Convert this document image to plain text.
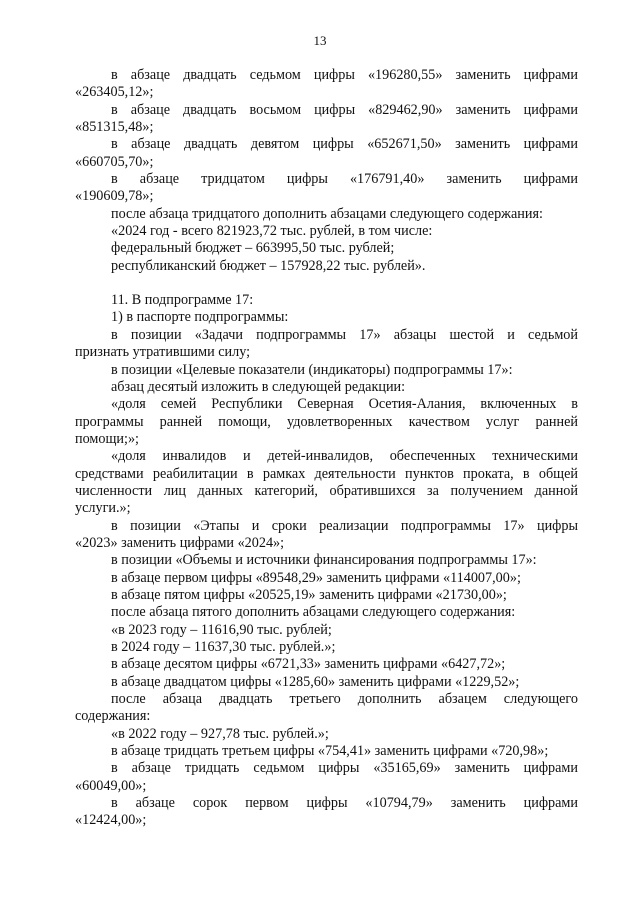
13

в абзаце двадцать седьмом цифры «196280,55» заменить цифрами

«263405,12»;

в абзаце двадцать восьмом цифры «829462,90» заменить цифрами

«851315,48»;

в абзаце двадцать девятом цифры «652671,50» заменить цифрами

«660705,70»;

в абзаце тридцатом цифры «176791,40» заменить цифрами

«190609,78»;

после абзаца тридцатого дополнить абзацами следующего содержания:

«2024 год - всего 821923,72 тыс. рублей, в том числе:

федеральный бюджет – 663995,50 тыс. рублей;

республиканский бюджет – 157928,22 тыс. рублей».

11. В подпрограмме 17:

1) в паспорте подпрограммы:

в позиции «Задачи подпрограммы 17» абзацы шестой и седьмой

признать утратившими силу;

в позиции «Целевые показатели (индикаторы) подпрограммы 17»:

абзац десятый изложить в следующей редакции:

«доля семей Республики Северная Осетия-Алания, включенных в

программы ранней помощи, удовлетворенных качеством услуг ранней

помощи;»;

«доля инвалидов и детей-инвалидов, обеспеченных техническими

средствами реабилитации в рамках деятельности пунктов проката, в общей

численности лиц данных категорий, обратившихся за получением данной

услуги.»;

в позиции «Этапы и сроки реализации подпрограммы 17» цифры

«2023» заменить цифрами «2024»;

в позиции «Объемы и источники финансирования подпрограммы 17»:

в абзаце первом цифры «89548,29» заменить цифрами «114007,00»;

в абзаце пятом цифры «20525,19» заменить цифрами «21730,00»;

после абзаца пятого дополнить абзацами следующего содержания:

«в 2023 году – 11616,90 тыс. рублей;

в 2024 году – 11637,30 тыс. рублей.»;

в абзаце десятом цифры «6721,33» заменить цифрами «6427,72»;

в абзаце двадцатом цифры «1285,60» заменить цифрами «1229,52»;

после абзаца двадцать третьего дополнить абзацем следующего

содержания:

«в 2022 году – 927,78 тыс. рублей.»;

в абзаце тридцать третьем цифры «754,41» заменить цифрами «720,98»;

в абзаце тридцать седьмом цифры «35165,69» заменить цифрами

«60049,00»;

в абзаце сорок первом цифры «10794,79» заменить цифрами

«12424,00»;
